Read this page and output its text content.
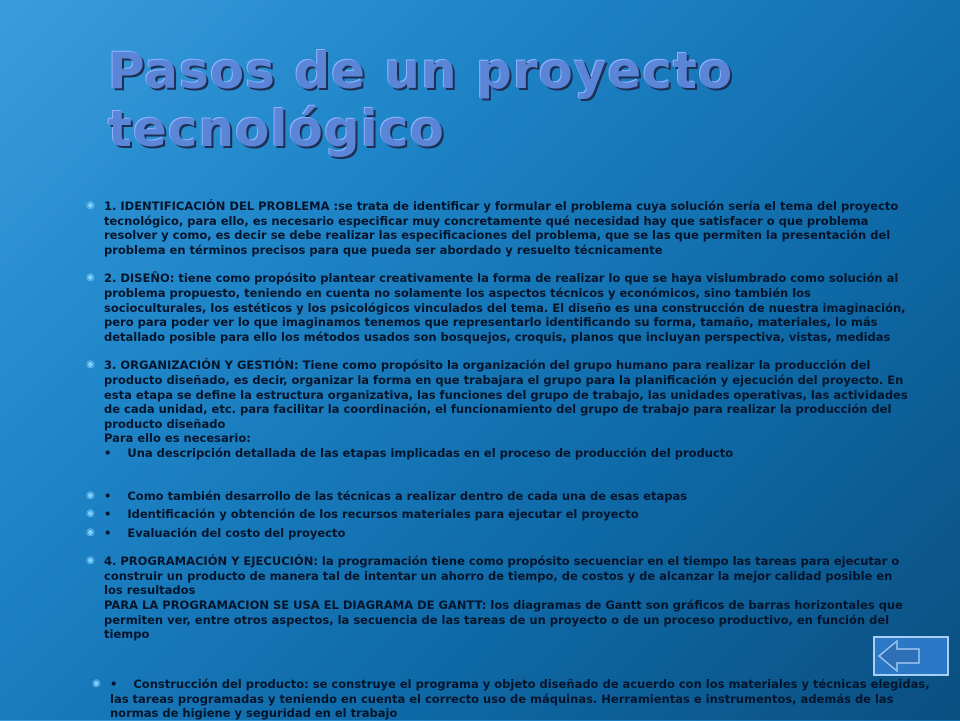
Pasos de un proyecto tecnológico

◉ 1. IDENTIFICACIÓN DEL PROBLEMA :se trata de identificar y formular el problema cuya solución sería el tema del proyecto tecnológico, para ello, es necesario especificar muy concretamente qué necesidad hay que satisfacer o que problema resolver y como, es decir se debe realizar las especificaciones del problema, que se las que permiten la presentación del problema en términos precisos para que pueda ser abordado y resuelto técnicamente

◉ 2. DISEÑO: tiene como propósito plantear creativamente la forma de realizar lo que se haya vislumbrado como solución al problema propuesto, teniendo en cuenta no solamente los aspectos técnicos y económicos, sino también los socioculturales, los estéticos y los psicológicos vinculados del tema. El diseño es una construcción de nuestra imaginación, pero para poder ver lo que imaginamos tenemos que representarlo identificando su forma, tamaño, materiales, lo más detallado posible para ello los métodos usados son bosquejos, croquis, planos que incluyan perspectiva, vistas, medidas

◉ 3. ORGANIZACIÓN Y GESTIÓN: Tiene como propósito la organización del grupo humano para realizar la producción del producto diseñado, es decir, organizar la forma en que trabajara el grupo para la planificación y ejecución del proyecto. En esta etapa se define la estructura organizativa, las funciones del grupo de trabajo, las unidades operativas, las actividades de cada unidad, etc. para facilitar la coordinación, el funcionamiento del grupo de trabajo para realizar la producción del producto diseñado
Para ello es necesario:
• Una descripción detallada de las etapas implicadas en el proceso de producción del producto

◉ • Como también desarrollo de las técnicas a realizar dentro de cada una de esas etapas

◉ • Identificación y obtención de los recursos materiales para ejecutar el proyecto

◉ • Evaluación del costo del proyecto

◉ 4. PROGRAMACIÓN Y EJECUCIÓN: la programación tiene como propósito secuenciar en el tiempo las tareas para ejecutar o construir un producto de manera tal de intentar un ahorro de tiempo, de costos y de alcanzar la mejor calidad posible en los resultados
PARA LA PROGRAMACION SE USA EL DIAGRAMA DE GANTT: los diagramas de Gantt son gráficos de barras horizontales que permiten ver, entre otros aspectos, la secuencia de las tareas de un proyecto o de un proceso productivo, en función del tiempo

◉ • Construcción del producto: se construye el programa y objeto diseñado de acuerdo con los materiales y técnicas elegidas, las tareas programadas y teniendo en cuenta el correcto uso de máquinas. Herramientas e instrumentos, además de las normas de higiene y seguridad en el trabajo
